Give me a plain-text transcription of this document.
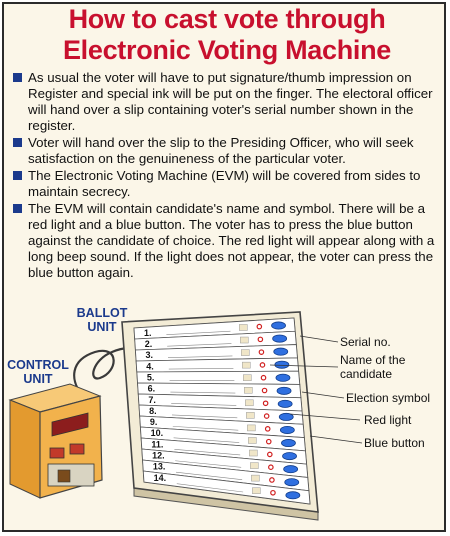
How to cast vote through
Electronic Voting Machine
As usual the voter will have to put signature/thumb impression on Register and special ink will be put on the finger. The electoral officer will hand over a slip containing voter's serial number shown in the register.
Voter will hand over the slip to the Presiding Officer, who will seek satisfaction on the genuineness of the particular voter.
The Electronic Voting Machine (EVM) will be covered from sides to maintain secrecy.
The EVM will contain candidate's name and symbol. There will be a red light and a blue button. The voter has to press the blue button against the candidate of choice. The red light will appear along with a long beep sound. If the light does not appear, the voter can press the blue button again.
1.
2.
3.
4.
5.
6.
7.
8.
9.
10.
11.
12.
13.
14.
BALLOT
UNIT
CONTROL
UNIT
Serial no.
Name of the
candidate
Election symbol
Red light
Blue button
